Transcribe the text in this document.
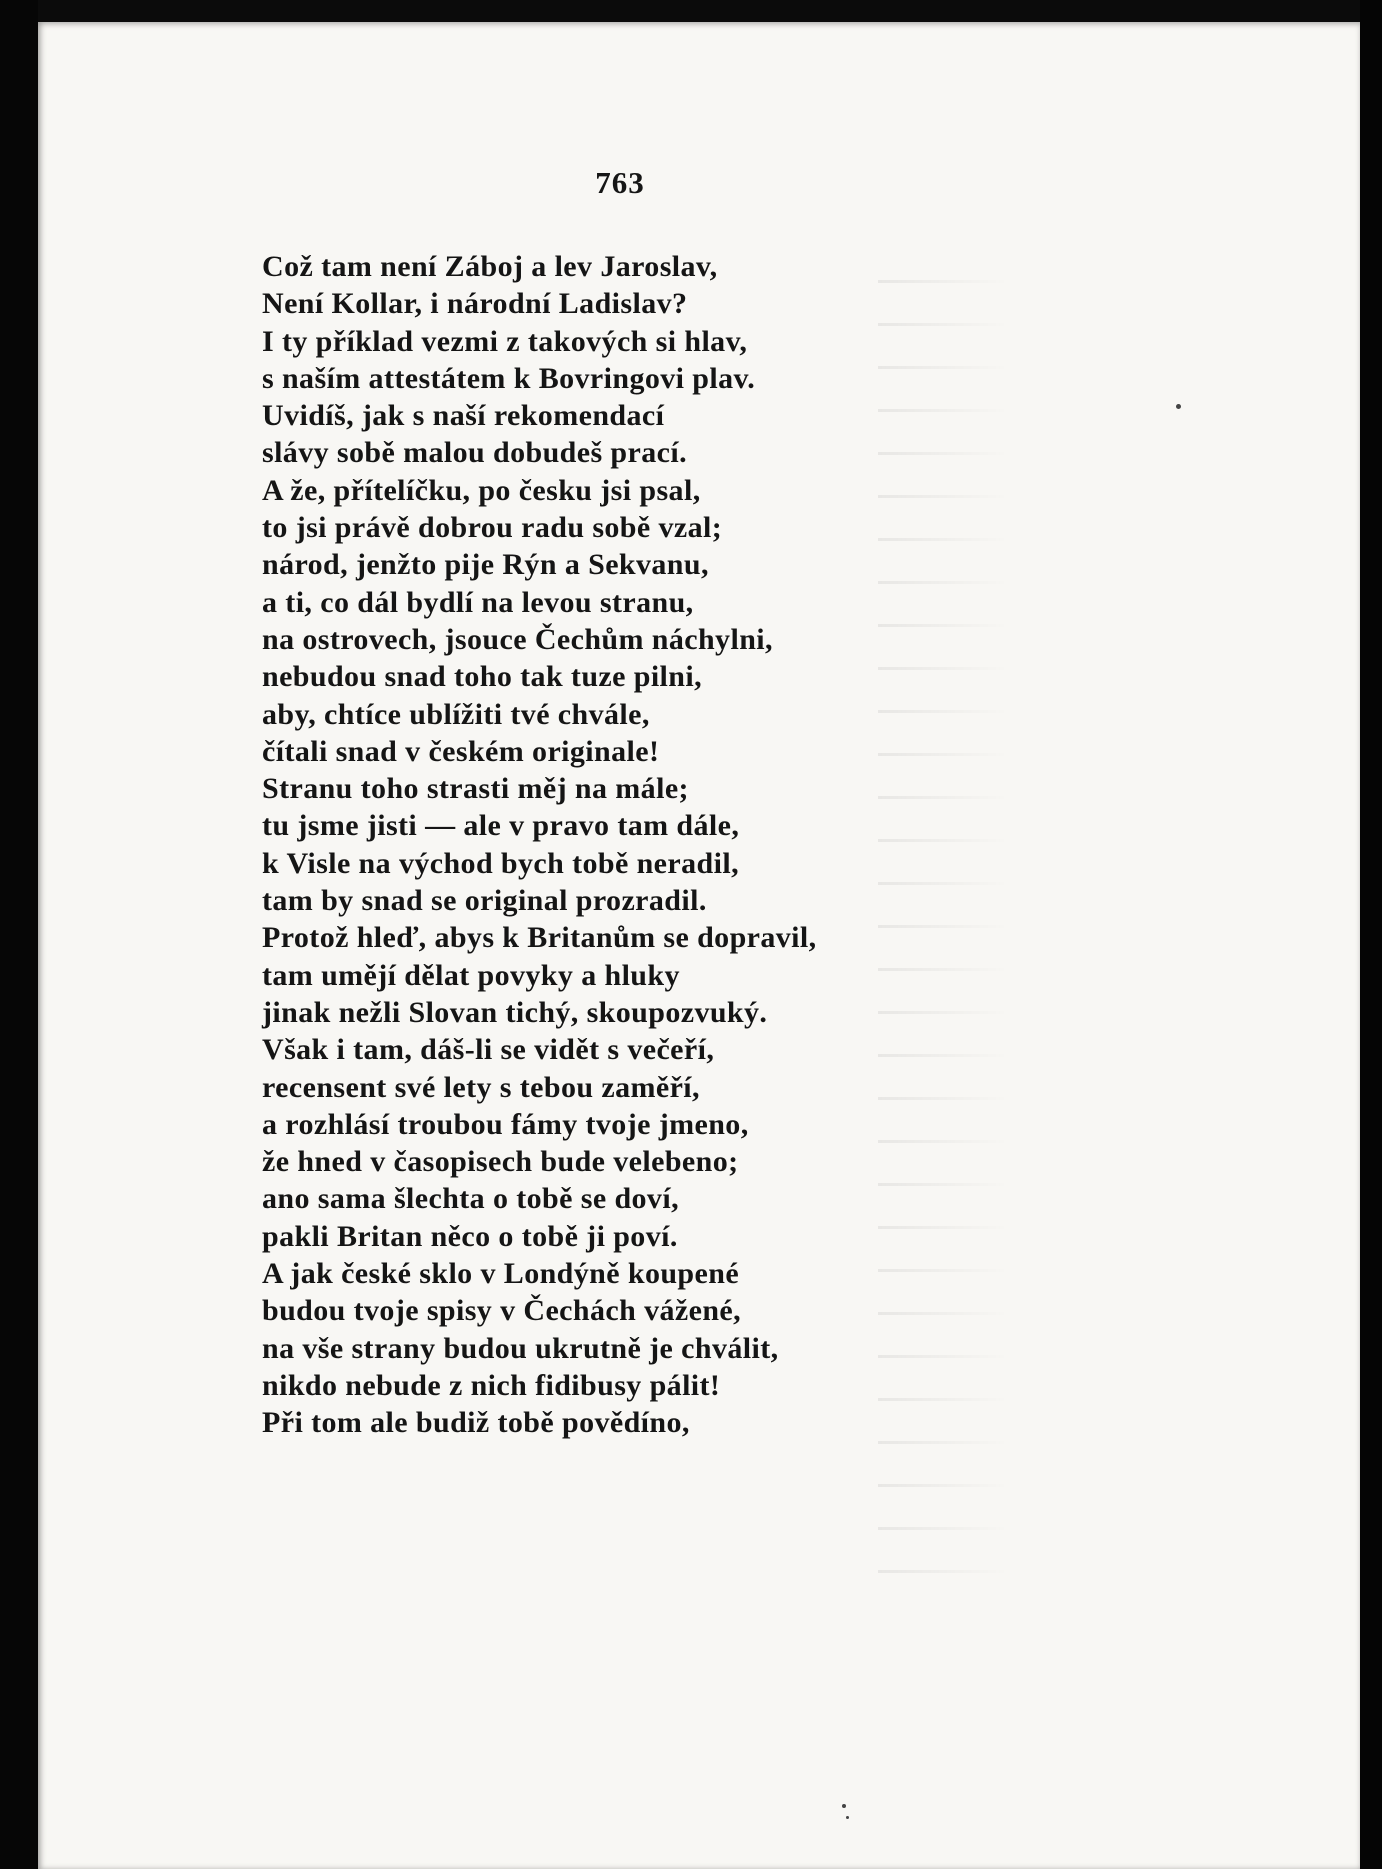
763
Což tam není Záboj a lev Jaroslav,
Není Kollar, i národní Ladislav?
I ty příklad vezmi z takových si hlav,
s naším attestátem k Bovringovi plav.
Uvidíš, jak s naší rekomendací
slávy sobě malou dobudeš prací.
A že, přítelíčku, po česku jsi psal,
to jsi právě dobrou radu sobě vzal;
národ, jenžto pije Rýn a Sekvanu,
a ti, co dál bydlí na levou stranu,
na ostrovech, jsouce Čechům náchylni,
nebudou snad toho tak tuze pilni,
aby, chtíce ublížiti tvé chvále,
čítali snad v českém originale!
Stranu toho strasti měj na mále;
tu jsme jisti — ale v pravo tam dále,
k Visle na východ bych tobě neradil,
tam by snad se original prozradil.
Protož hleď, abys k Britanům se dopravil,
tam umějí dělat povyky a hluky
jinak nežli Slovan tichý, skoupozvuký.
Však i tam, dáš-li se vidět s večeří,
recensent své lety s tebou zaměří,
a rozhlásí troubou fámy tvoje jmeno,
že hned v časopisech bude velebeno;
ano sama šlechta o tobě se doví,
pakli Britan něco o tobě ji poví.
A jak české sklo v Londýně koupené
budou tvoje spisy v Čechách vážené,
na vše strany budou ukrutně je chválit,
nikdo nebude z nich fidibusy pálit!
Při tom ale budiž tobě povědíno,
